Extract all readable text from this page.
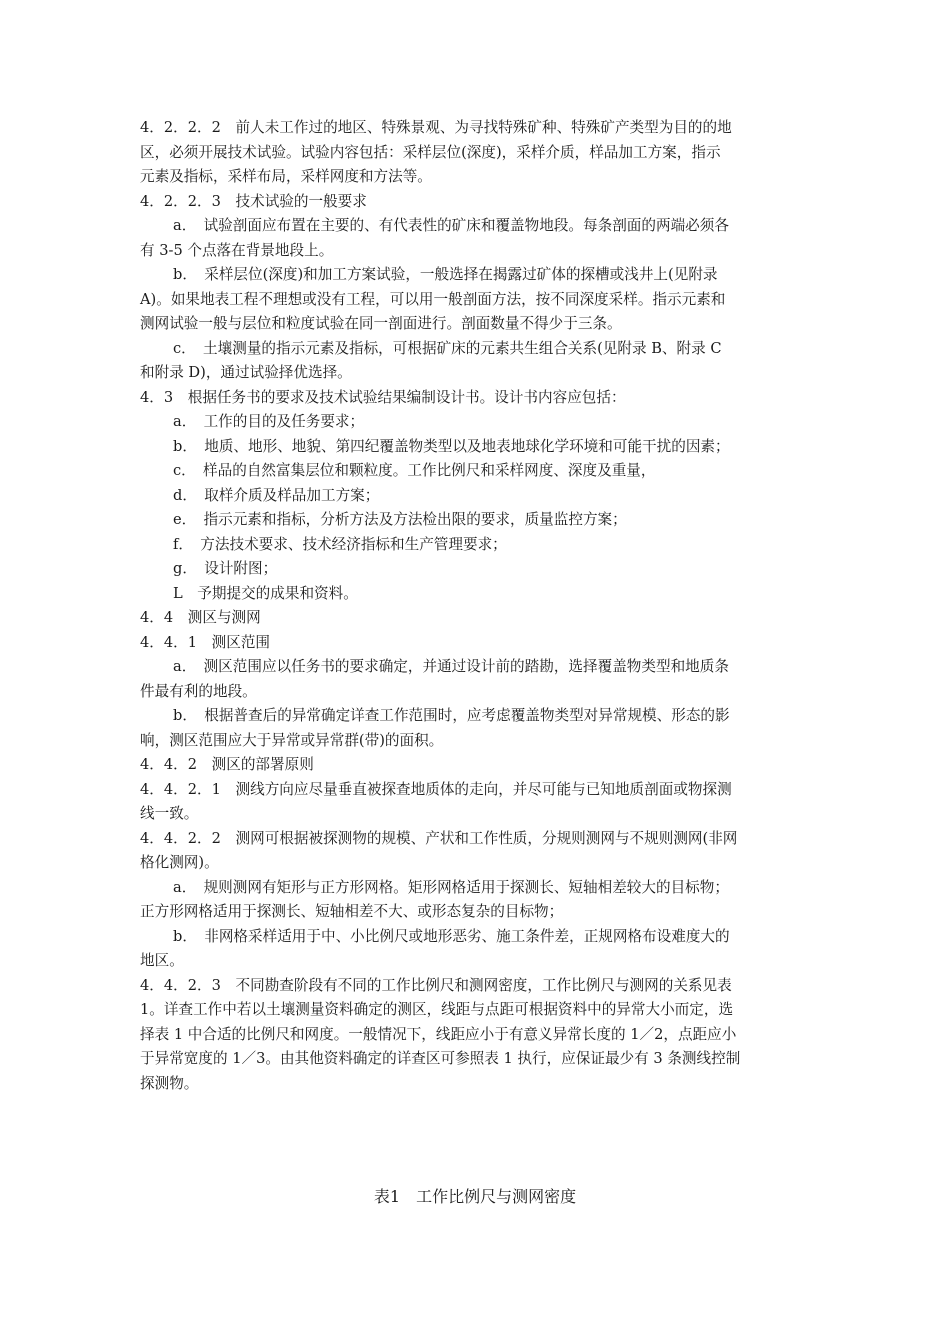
4．2．2．2　前人未工作过的地区、特殊景观、为寻找特殊矿种、特殊矿产类型为目的的地
区，必须开展技术试验。试验内容包括：采样层位(深度)，采样介质，样品加工方案，指示
元素及指标，采样布局，采样网度和方法等。
4．2．2．3　技术试验的一般要求
a．　试验剖面应布置在主要的、有代表性的矿床和覆盖物地段。每条剖面的两端必须各
有 3-5 个点落在背景地段上。
b．　采样层位(深度)和加工方案试验，一般选择在揭露过矿体的探槽或浅井上(见附录
A)。如果地表工程不理想或没有工程，可以用一般剖面方法，按不同深度采样。指示元素和
测网试验一般与层位和粒度试验在同一剖面进行。剖面数量不得少于三条。
c．　土壤测量的指示元素及指标，可根据矿床的元素共生组合关系(见附录 B、附录 C
和附录 D)，通过试验择优选择。
4．3　根据任务书的要求及技术试验结果编制设计书。设计书内容应包括：
a．　工作的目的及任务要求；
b．　地质、地形、地貌、第四纪覆盖物类型以及地表地球化学环境和可能干扰的因素；
c．　样品的自然富集层位和颗粒度。工作比例尺和采样网度、深度及重量，
d．　取样介质及样品加工方案；
e．　指示元素和指标，分析方法及方法检出限的要求，质量监控方案；
f．　方法技术要求、技术经济指标和生产管理要求；
g．　设计附图；
L　予期提交的成果和资料。
4．4　测区与测网
4．4．1　测区范围
a．　测区范围应以任务书的要求确定，并通过设计前的踏勘，选择覆盖物类型和地质条
件最有利的地段。
b．　根据普查后的异常确定详查工作范围时，应考虑覆盖物类型对异常规模、形态的影
响，测区范围应大于异常或异常群(带)的面积。
4．4．2　测区的部署原则
4．4．2．1　测线方向应尽量垂直被探查地质体的走向，并尽可能与已知地质剖面或物探测
线一致。
4．4．2．2　测网可根据被探测物的规模、产状和工作性质，分规则测网与不规则测网(非网
格化测网)。
a．　规则测网有矩形与正方形网格。矩形网格适用于探测长、短轴相差较大的目标物；
正方形网格适用于探测长、短轴相差不大、或形态复杂的目标物；
b．　非网格采样适用于中、小比例尺或地形恶劣、施工条件差，正规网格布设难度大的
地区。
4．4．2．3　不同勘查阶段有不同的工作比例尺和测网密度，工作比例尺与测网的关系见表
1。详查工作中若以土壤测量资料确定的测区，线距与点距可根据资料中的异常大小而定，选
择表 1 中合适的比例尺和网度。一般情况下，线距应小于有意义异常长度的 1／2，点距应小
于异常宽度的 1／3。由其他资料确定的详查区可参照表 1 执行，应保证最少有 3 条测线控制
探测物。
表1　工作比例尺与测网密度
